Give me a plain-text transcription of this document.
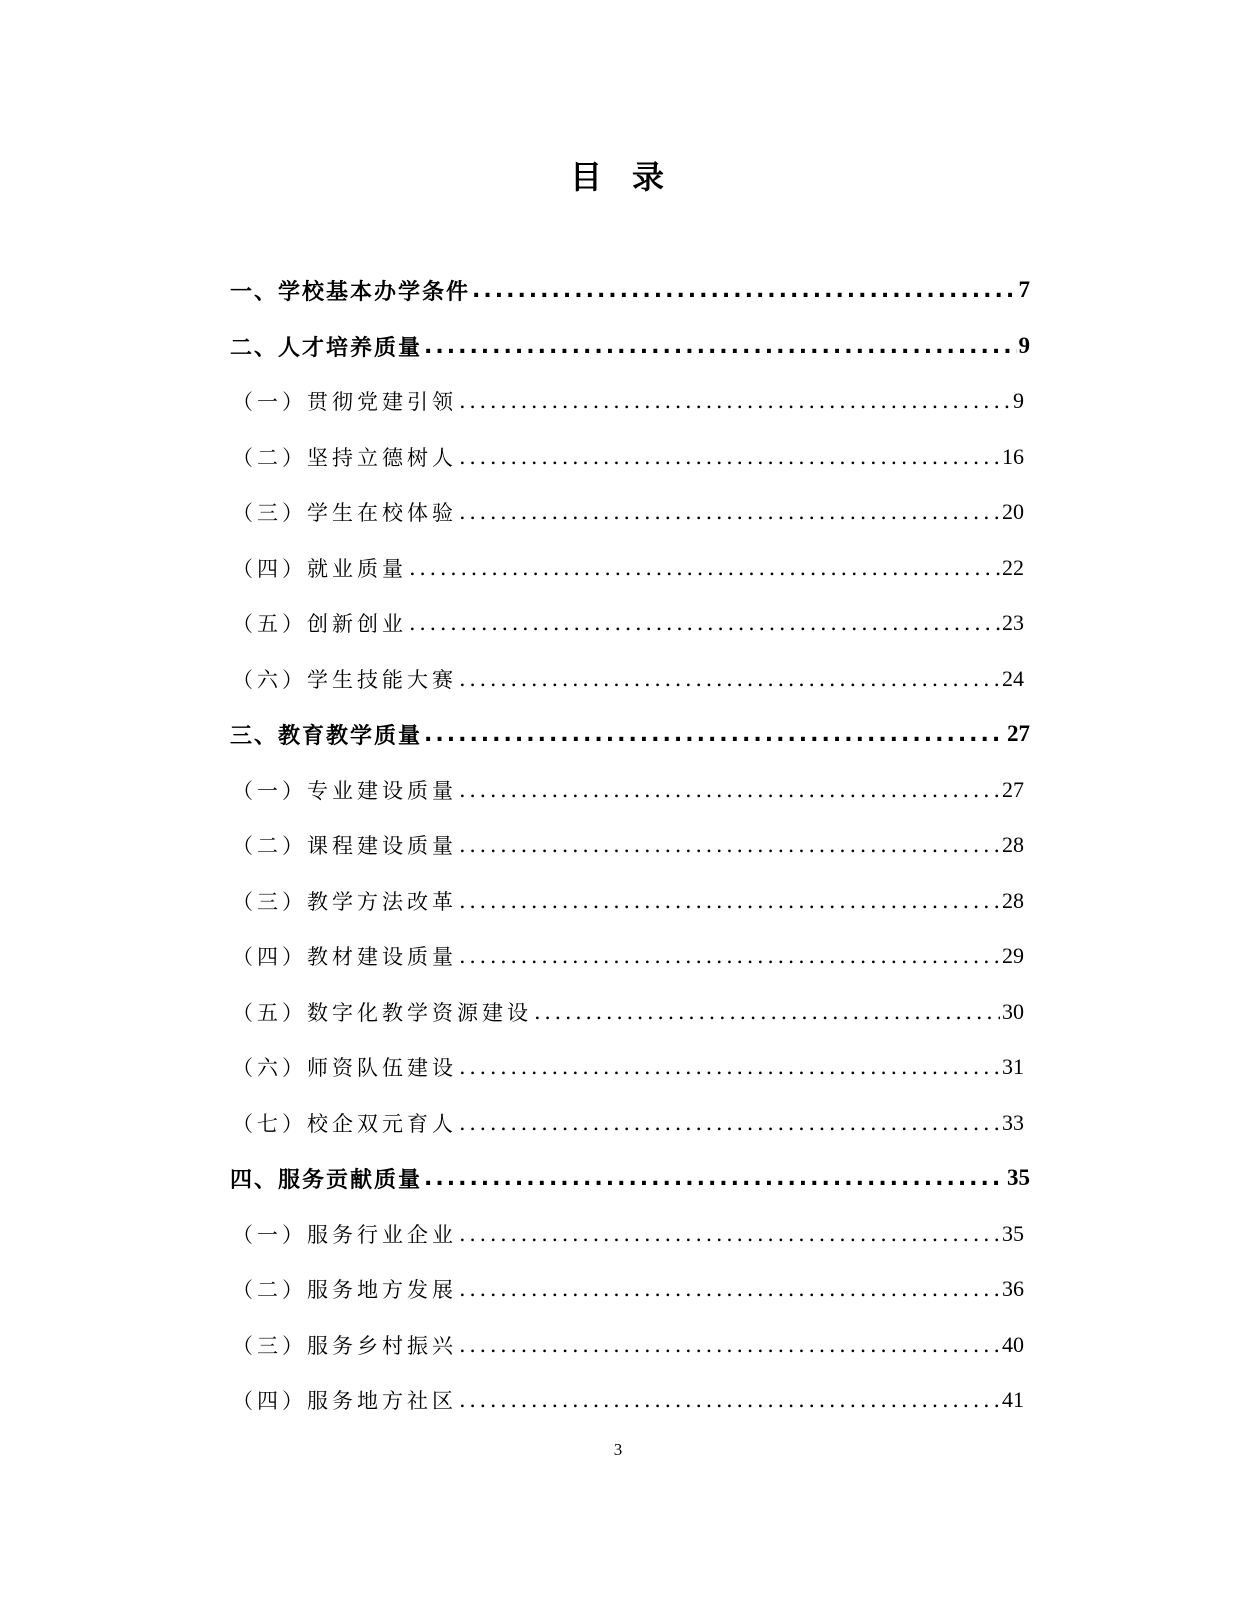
目 录
一、学校基本办学条件 .....	7
二、人才培养质量 .....	9
（一）贯彻党建引领 .....	9
（二）坚持立德树人 .....	16
（三）学生在校体验 .....	20
（四）就业质量 .....	22
（五）创新创业 .....	23
（六）学生技能大赛 .....	24
三、教育教学质量 .....	27
（一）专业建设质量 .....	27
（二）课程建设质量 .....	28
（三）教学方法改革 .....	28
（四）教材建设质量 .....	29
（五）数字化教学资源建设 .....	30
（六）师资队伍建设 .....	31
（七）校企双元育人 .....	33
四、服务贡献质量 .....	35
（一）服务行业企业 .....	35
（二）服务地方发展 .....	36
（三）服务乡村振兴 .....	40
（四）服务地方社区 .....	41
3
